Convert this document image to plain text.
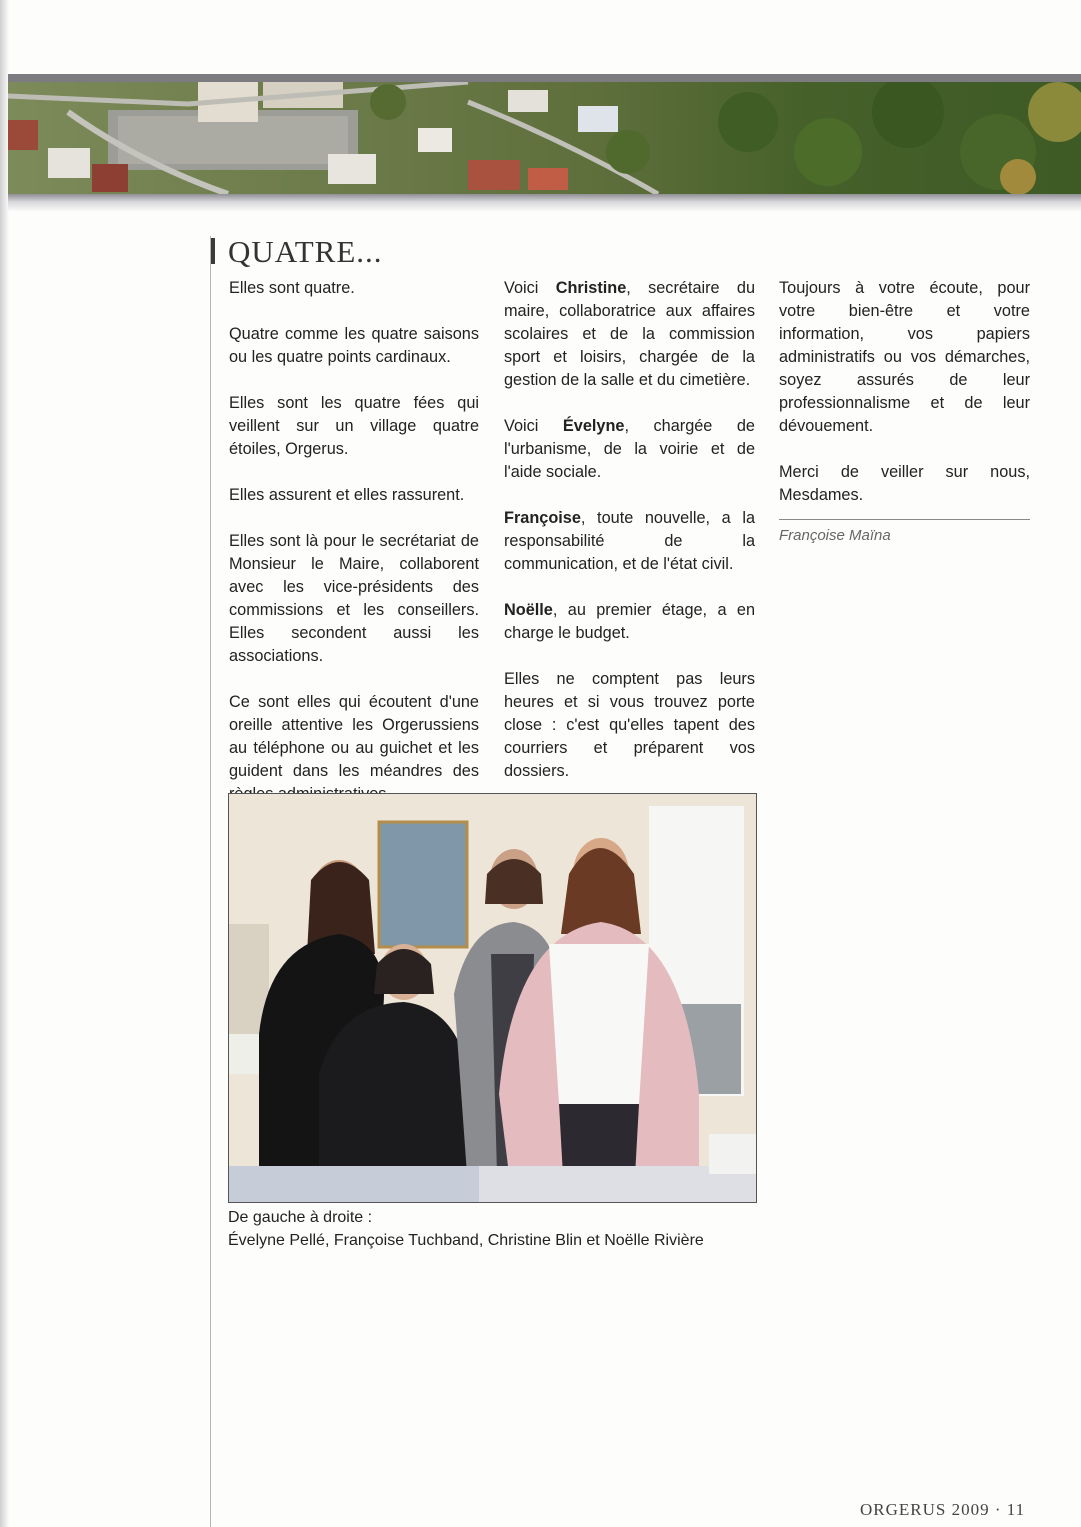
QUATRE...

Elles sont quatre.

Quatre comme les quatre saisons ou les quatre points cardinaux.

Elles sont les quatre fées qui veillent sur un village quatre étoiles, Orgerus.

Elles assurent et elles rassurent.

Elles sont là pour le secrétariat de Monsieur le Maire, collaborent avec les vice-présidents des commissions et les conseillers. Elles secondent aussi les associations.

Ce sont elles qui écoutent d'une oreille attentive les Orgerussiens au téléphone ou au guichet et les guident dans les méandres des

Voici Christine, secrétaire du maire, collaboratrice aux affaires scolaires et de la commission sport et loisirs, chargée de la gestion de la salle et du cimetière.

Voici Évelyne, chargée de l'urbanisme, de la voirie et de l'aide sociale.

Françoise, toute nouvelle, a la responsabilité de la communication, et de l'état civil.

Noëlle, au premier étage, a en charge le budget.

Elles ne comptent pas leurs heures et si vous trouvez porte close : c'est qu'elles tapent des courriers et préparent vos dossiers.

Toujours à votre écoute, pour votre bien-être et votre information, vos papiers administratifs ou vos démarches, soyez assurés de leur professionnalisme et de leur dévouement.

Merci de veiller sur nous, Mesdames.

Françoise Maïna
De gauche à droite :
Évelyne Pellé, Françoise Tuchband, Christine Blin et Noëlle Rivière
ORGERUS 2009 · 11
